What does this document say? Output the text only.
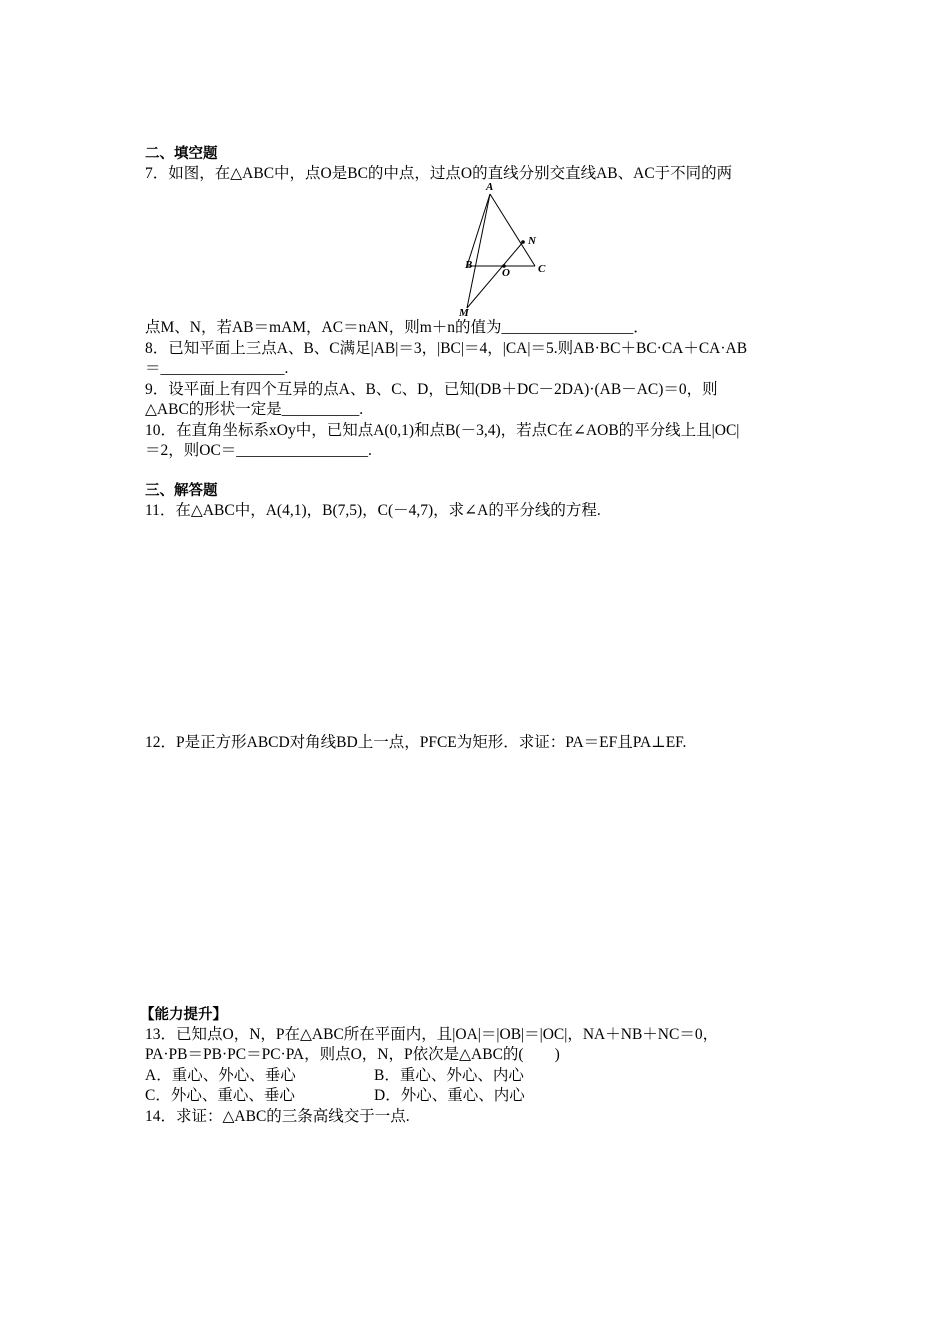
二、填空题
7．如图，在△ABC中，点O是BC的中点，过点O的直线分别交直线AB、AC于不同的两
A
B	C
O
N
M
点M、N，若AB＝mAM，AC＝nAN，则m＋n的值为_________________．
8．已知平面上三点A、B、C满足|AB|＝3，|BC|＝4，|CA|＝5.则AB·BC＋BC·CA＋CA·AB
＝________________.
9．设平面上有四个互异的点A、B、C、D，已知(DB＋DC－2DA)·(AB－AC)＝0，则
△ABC的形状一定是__________.
10．在直角坐标系xOy中，已知点A(0,1)和点B(－3,4)，若点C在∠AOB的平分线上且|OC|
＝2，则OC＝_________________.
三、解答题
11．在△ABC中，A(4,1)，B(7,5)，C(－4,7)，求∠A的平分线的方程.
12．P是正方形ABCD对角线BD上一点，PFCE为矩形．求证：PA＝EF且PA⊥EF.
【能力提升】
13．已知点O，N，P在△ABC所在平面内，且|OA|＝|OB|＝|OC|，NA＋NB＋NC＝0，
PA·PB＝PB·PC＝PC·PA，则点O，N，P依次是△ABC的(　　)
A．重心、外心、垂心	B．重心、外心、内心
C．外心、重心、垂心	D．外心、重心、内心
14．求证：△ABC的三条高线交于一点.
